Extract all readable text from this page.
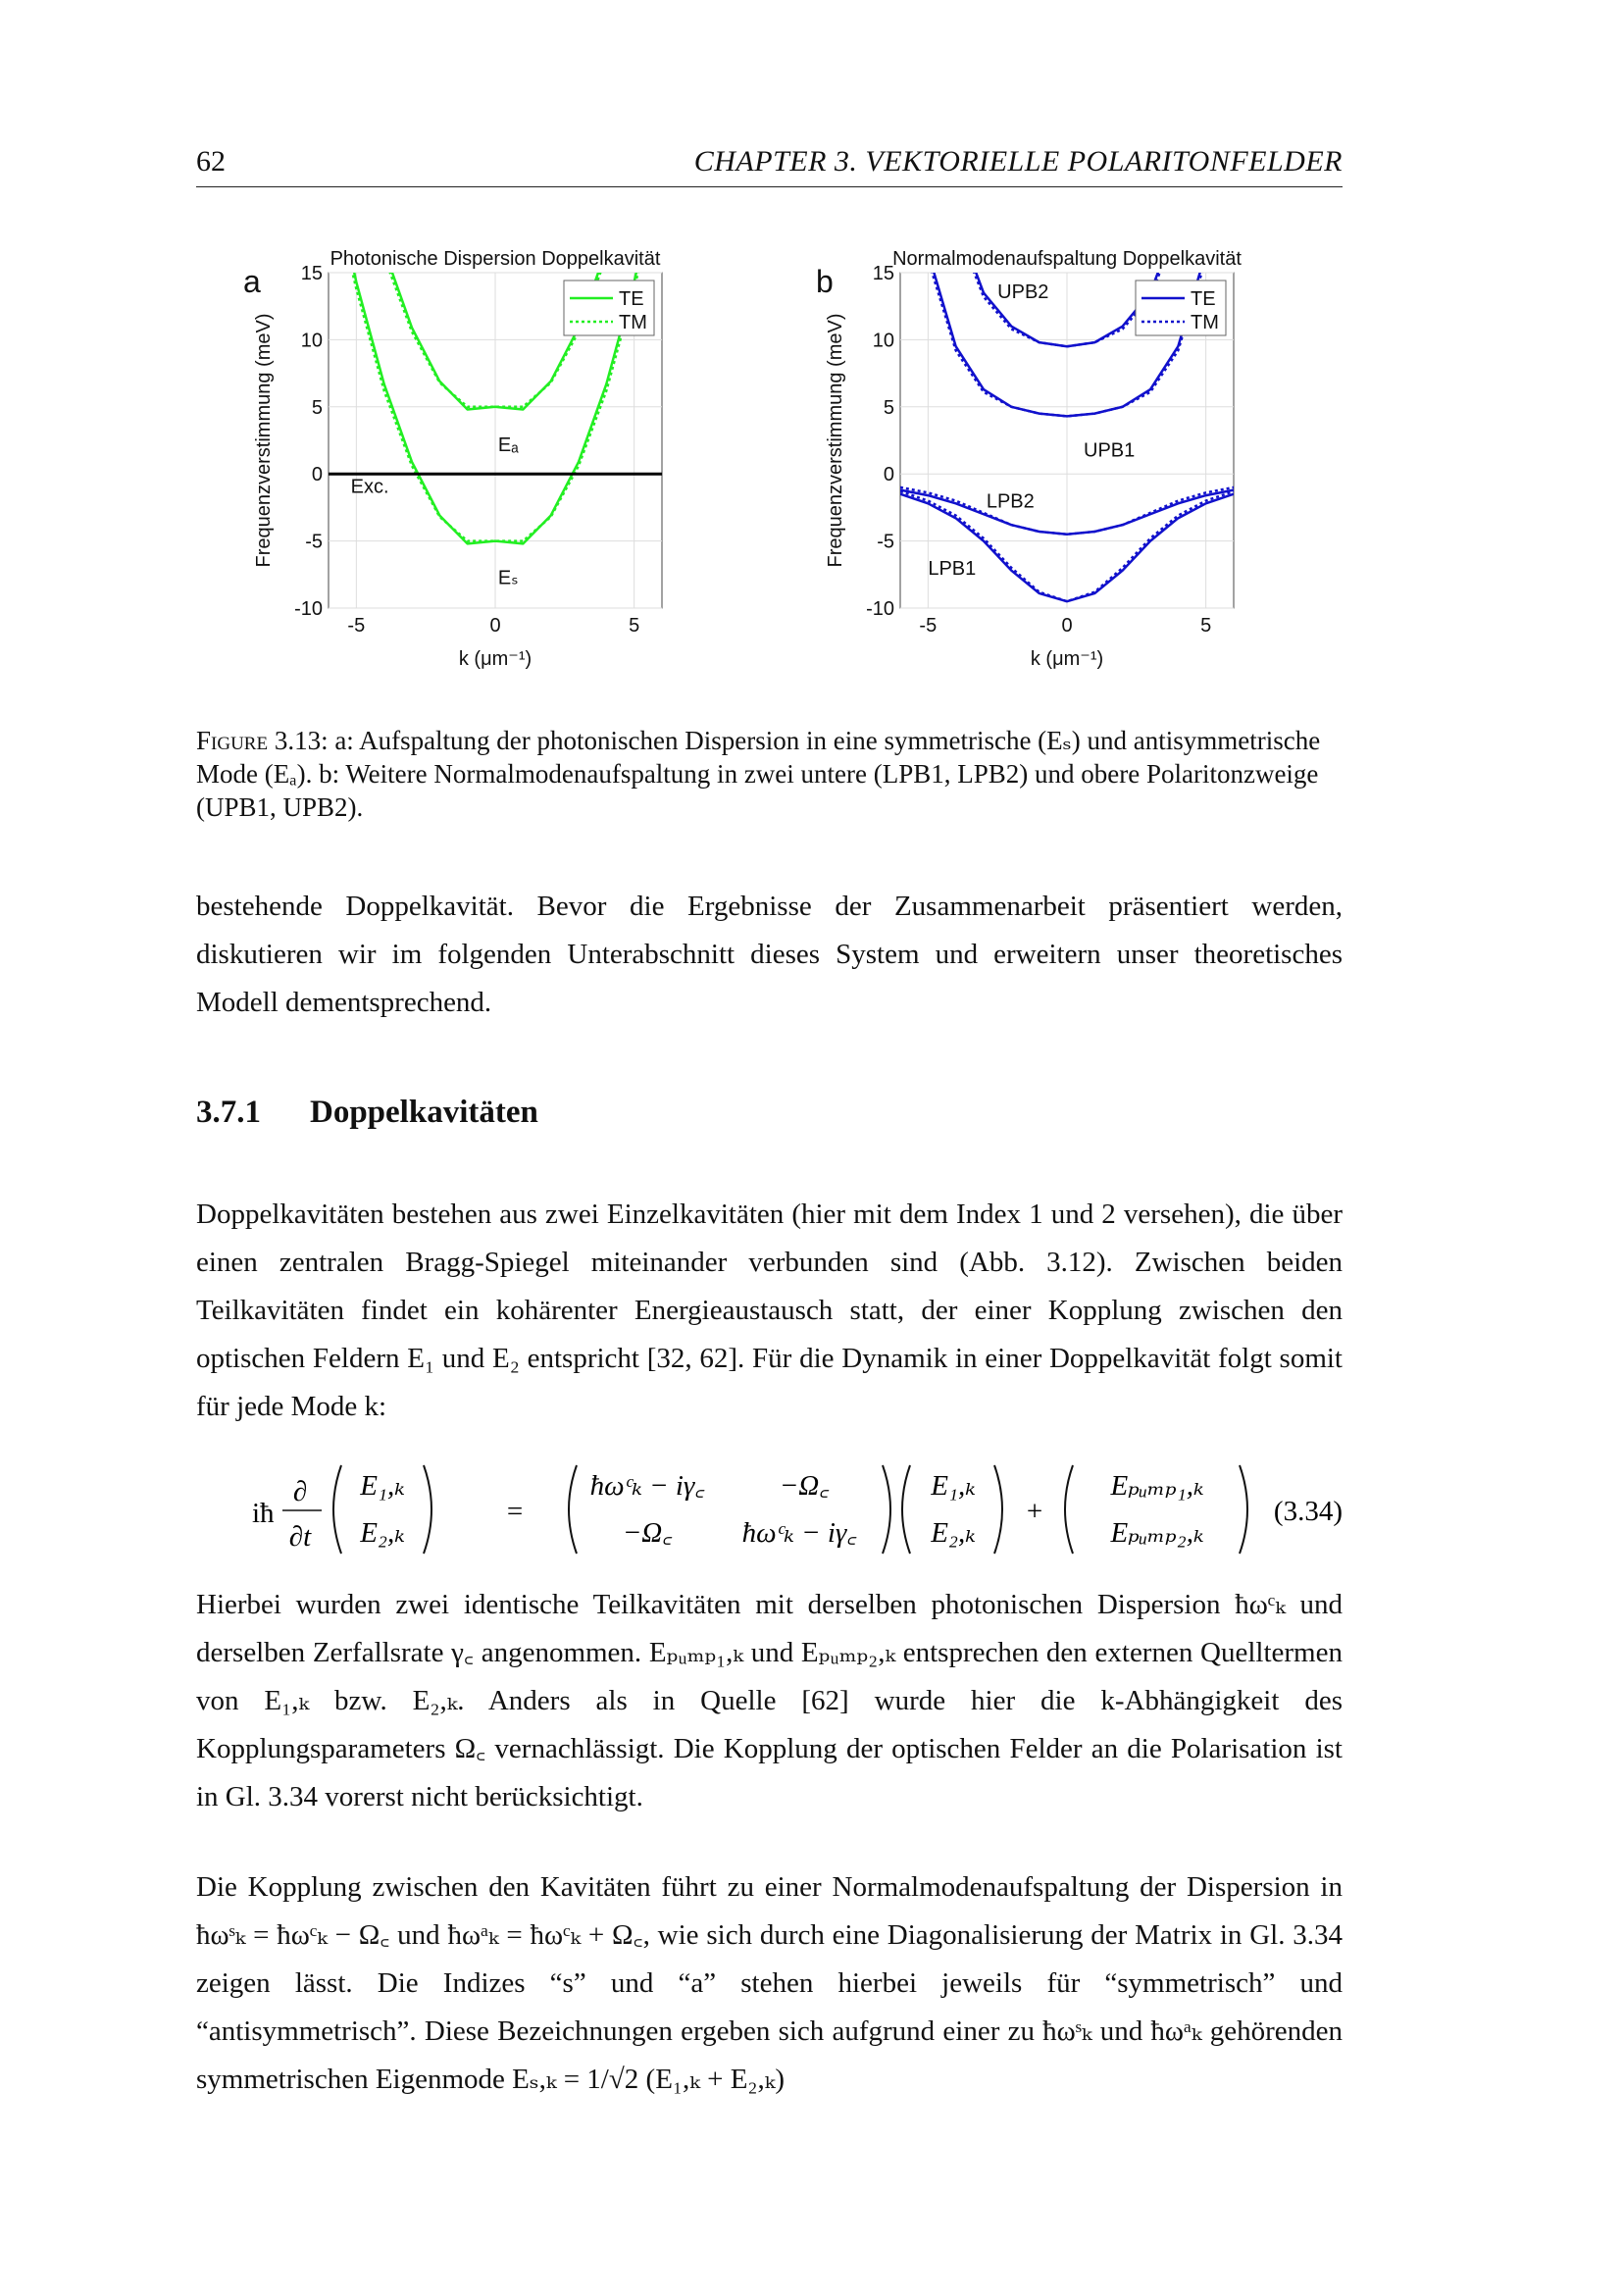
62	CHAPTER 3. VEKTORIELLE POLARITONFELDER
-5	0	5
-10
-5
0
5
10
15
Photonische Dispersion Doppelkavität
a
k (μm⁻¹)
Frequenzverstimmung (meV)
TE
TM
-5	0	5
-10
-5
0
5
10
15
Normalmodenaufspaltung Doppelkavität
b
k (μm⁻¹)
Frequenzverstimmung (meV)
TE
TM
Exc.
Eₐ
Eₛ
UPB2
UPB1
LPB2
LPB1
Figure 3.13: a: Aufspaltung der photonischen Dispersion in eine symmetrische (Eₛ) und antisymmetrische Mode (Eₐ). b: Weitere Normalmodenaufspaltung in zwei untere (LPB1, LPB2) und obere Polaritonzweige (UPB1, UPB2).
bestehende Doppelkavität. Bevor die Ergebnisse der Zusammenarbeit präsentiert werden, diskutieren wir im folgenden Unterabschnitt dieses System und erweitern unser theoretisches Modell dementsprechend.
3.7.1 Doppelkavitäten
Doppelkavitäten bestehen aus zwei Einzelkavitäten (hier mit dem Index 1 und 2 versehen), die über einen zentralen Bragg-Spiegel miteinander verbunden sind (Abb. 3.12). Zwischen beiden Teilkavitäten findet ein kohärenter Energieaustausch statt, der einer Kopplung zwischen den optischen Feldern E₁ und E₂ entspricht [32, 62]. Für die Dynamik in einer Doppelkavität folgt somit für jede Mode k:
iħ
∂
∂t
E₁,ₖ
E₂,ₖ
=
ħωᶜₖ − iγ꜀	−Ω꜀
−Ω꜀ ħωᶜₖ − iγ꜀
E₁,ₖ
E₂,ₖ
+
Eₚᵤₘₚ₁,ₖ
Eₚᵤₘₚ₂,ₖ
(3.34)
Hierbei wurden zwei identische Teilkavitäten mit derselben photonischen Dispersion ħωᶜₖ und derselben Zerfallsrate γ꜀ angenommen. Eₚᵤₘₚ₁,ₖ und Eₚᵤₘₚ₂,ₖ entsprechen den externen Quelltermen von E₁,ₖ bzw. E₂,ₖ. Anders als in Quelle [62] wurde hier die k-Abhängigkeit des Kopplungsparameters Ω꜀ vernachlässigt. Die Kopplung der optischen Felder an die Polarisation ist in Gl. 3.34 vorerst nicht berücksichtigt.
Die Kopplung zwischen den Kavitäten führt zu einer Normalmodenaufspaltung der Dispersion in ħωˢₖ = ħωᶜₖ − Ω꜀ und ħωᵃₖ = ħωᶜₖ + Ω꜀, wie sich durch eine Diagonalisierung der Matrix in Gl. 3.34 zeigen lässt. Die Indizes “s” und “a” stehen hierbei jeweils für “symmetrisch” und “antisymmetrisch”. Diese Bezeichnungen ergeben sich aufgrund einer zu ħωˢₖ und ħωᵃₖ gehörenden symmetrischen Eigenmode Eₛ,ₖ = 1/√2 (E₁,ₖ + E₂,ₖ)
